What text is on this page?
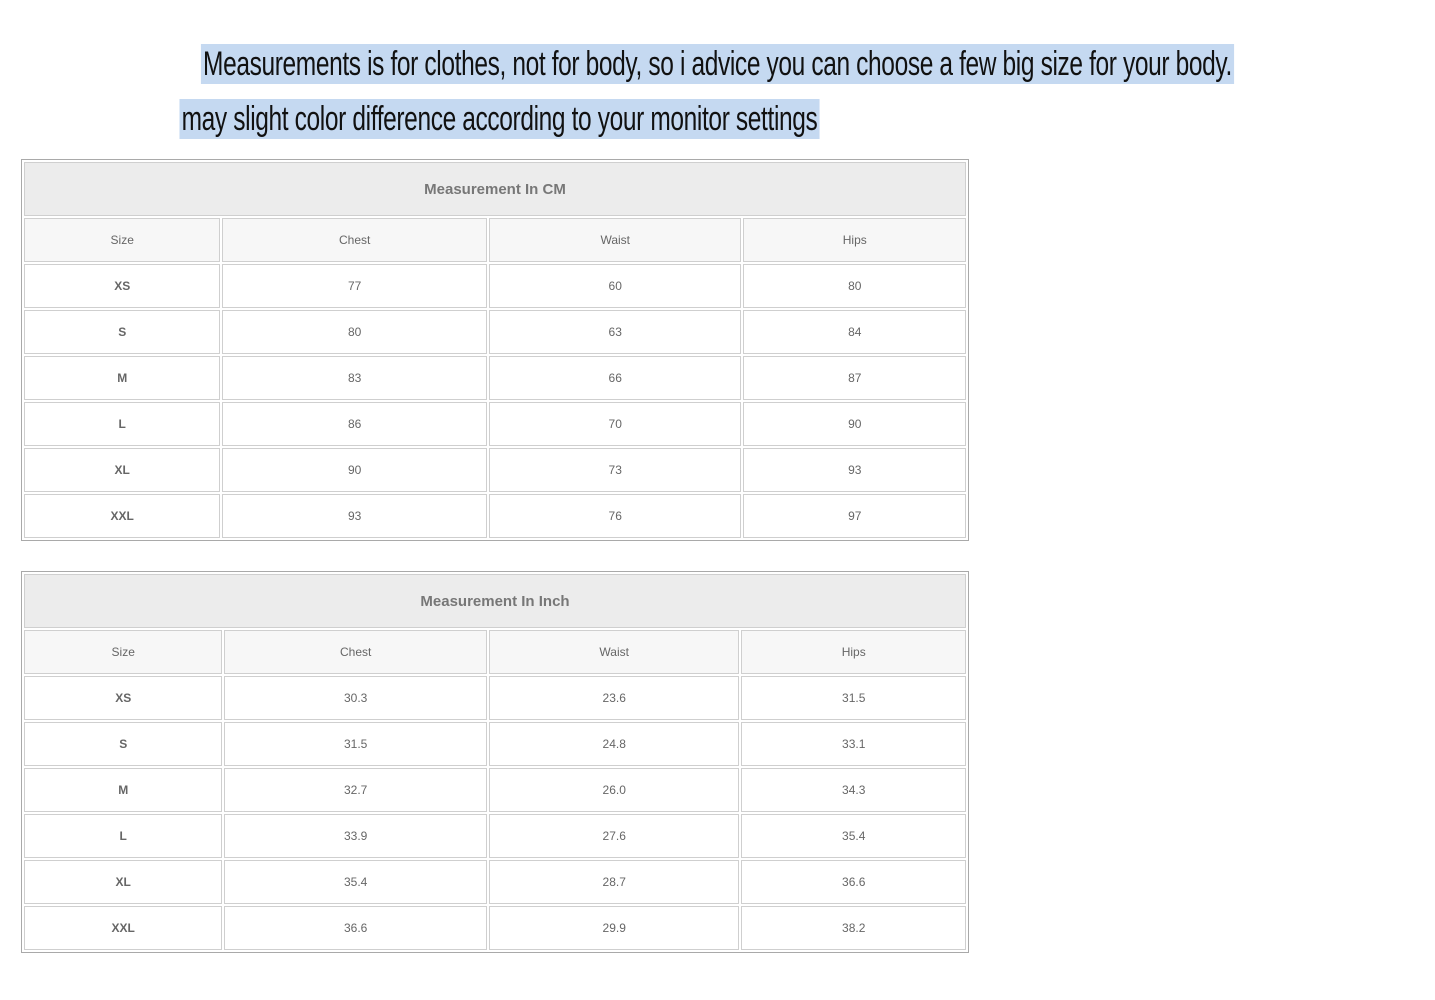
Measurements is for clothes, not for body, so i advice you can choose a few big size for your body.
may slight color difference according to your monitor settings
Measurement In CM			
Size	Chest	Waist	Hips
XS	77	60	80
S	80	63	84
M	83	66	87
L	86	70	90
XL	90	73	93
XXL	93	76	97
Measurement In Inch			
Size	Chest	Waist	Hips
XS	30.3	23.6	31.5
S	31.5	24.8	33.1
M	32.7	26.0	34.3
L	33.9	27.6	35.4
XL	35.4	28.7	36.6
XXL	36.6	29.9	38.2
